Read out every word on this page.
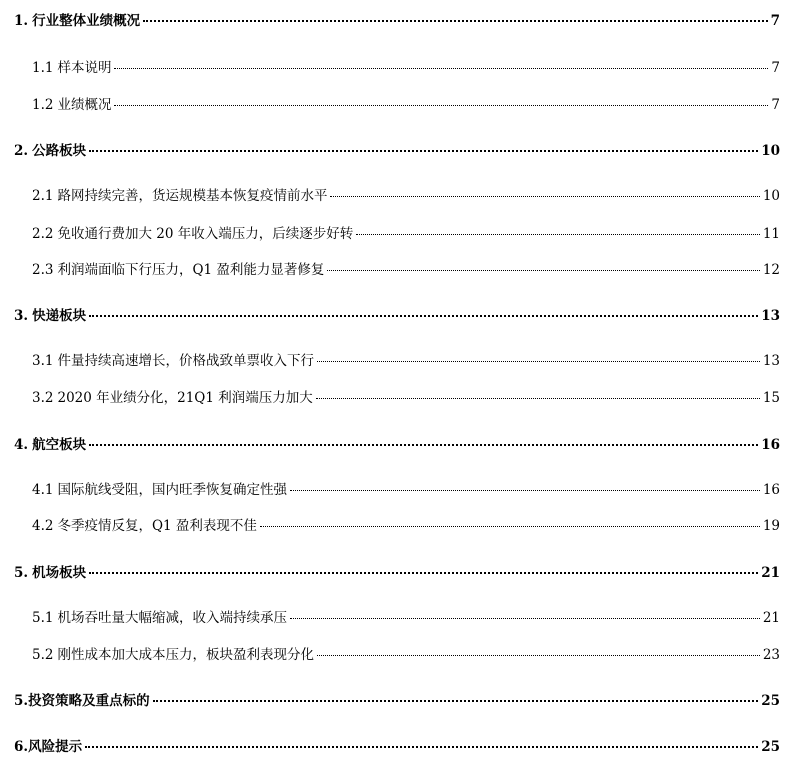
1. 行业整体业绩概况	7
1.1 样本说明	7
1.2 业绩概况	7
2. 公路板块	10
2.1 路网持续完善，货运规模基本恢复疫情前水平	10
2.2 免收通行费加大 20 年收入端压力，后续逐步好转	11
2.3 利润端面临下行压力，Q1 盈利能力显著修复	12
3. 快递板块	13
3.1 件量持续高速增长，价格战致单票收入下行	13
3.2 2020 年业绩分化，21Q1 利润端压力加大	15
4. 航空板块	16
4.1 国际航线受阻，国内旺季恢复确定性强	16
4.2 冬季疫情反复，Q1 盈利表现不佳	19
5. 机场板块	21
5.1 机场吞吐量大幅缩减，收入端持续承压	21
5.2 刚性成本加大成本压力，板块盈利表现分化	23
5.投资策略及重点标的	25
6.风险提示	25
